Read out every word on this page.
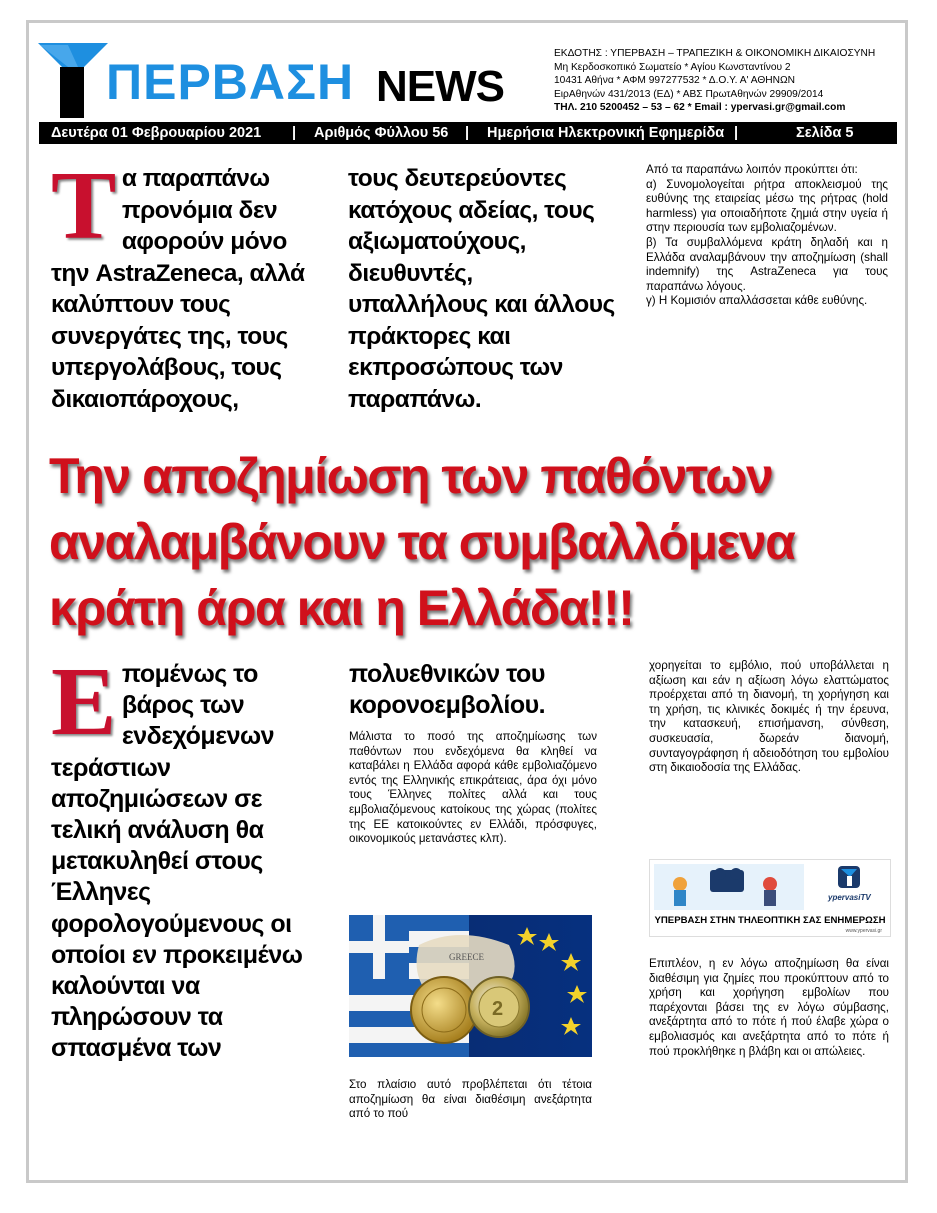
ΠΕΡΒΑΣΗ NEWS
ΕΚΔΟΤΗΣ : ΥΠΕΡΒΑΣΗ – ΤΡΑΠΕΖΙΚΗ & ΟΙΚΟΝΟΜΙΚΗ ΔΙΚΑΙΟΣΥΝΗ
Μη Κερδοσκοπικό Σωματείο * Αγίου Κωνσταντίνου 2
10431 Αθήνα * ΑΦΜ 997277532 * Δ.Ο.Υ. Α' ΑΘΗΝΩΝ
ΕιρΑθηνών 431/2013 (ΕΔ) * ΑΒΣ ΠρωτΑθηνών 29909/2014
ΤΗΛ. 210 5200452 – 53 – 62 * Email : ypervasi.gr@gmail.com
Δευτέρα 01 Φεβρουαρίου 2021 | Αριθμός Φύλλου 56 | Ημερήσια Ηλεκτρονική Εφημερίδα |	Σελίδα 5
Tα παραπάνω προνόμια δεν αφορούν μόνο την AstraZeneca, αλλά καλύπτουν τους συνεργάτες της, τους υπεργολάβους, τους δικαιοπάροχους,
τους δευτερεύοντες κατόχους αδείας, τους αξιωματούχους, διευθυντές, υπαλλήλους και άλλους πράκτορες και εκπροσώπους των παραπάνω.

Από τα παραπάνω λοιπόν προκύπτει ότι:

α) Συνομολογείται ρήτρα αποκλεισμού της ευθύνης της εταιρείας μέσω της ρήτρας (hold harmless) για οποιαδήποτε ζημιά στην υγεία ή στην περιουσία των εμβολιαζομένων.

β) Τα συμβαλλόμενα κράτη δηλαδή και η Ελλάδα αναλαμβάνουν την αποζημίωση (shall indemnify) της AstraZeneca για τους παραπάνω λόγους.

γ) Η Κομισιόν απαλλάσσεται κάθε ευθύνης.

Την αποζημίωση των παθόντων
αναλαμβάνουν τα συμβαλλόμενα
κράτη άρα και η Ελλάδα!!!
Eπομένως το βάρος των ενδεχόμενων τεράστιων αποζημιώσεων σε τελική ανάλυση θα μετακυληθεί στους Έλληνες φορολογούμενους οι οποίοι εν προκειμένω καλούνται να πληρώσουν τα σπασμένα των
πολυεθνικών του κορονοεμβολίου.
Μάλιστα το ποσό της αποζημίωσης των παθόντων που ενδεχόμενα θα κληθεί να καταβάλει η Ελλάδα αφορά κάθε εμβολιαζόμενο εντός της Ελληνικής επικράτειας, άρα όχι μόνο τους Έλληνες πολίτες αλλά και τους εμβολιαζόμενους κατοίκους της χώρας (πολίτες της ΕΕ κατοικούντες εν Ελλάδι, πρόσφυγες, οικονομικούς μετανάστες κλπ).
GREECE
2
Στο πλαίσιο αυτό προβλέπεται ότι τέτοια αποζημίωση θα είναι διαθέσιμη ανεξάρτητα από το πού
χορηγείται το εμβόλιο, πού υποβάλλεται η αξίωση και εάν η αξίωση λόγω ελαττώματος προέρχεται από τη διανομή, τη χορήγηση και τη χρήση, τις κλινικές δοκιμές ή την έρευνα, την κατασκευή, επισήμανση, σύνθεση, συσκευασία, δωρεάν διανομή, συνταγογράφηση ή αδειοδότηση του εμβολίου στη δικαιοδοσία της Ελλάδας.
ypervasiTV
ΥΠΕΡΒΑΣΗ ΣΤΗΝ ΤΗΛΕΟΠΤΙΚΗ ΣΑΣ ΕΝΗΜΕΡΩΣΗ
www.ypervasi.gr
Επιπλέον, η εν λόγω αποζημίωση θα είναι διαθέσιμη για ζημίες που προκύπτουν από το χρήση και χορήγηση εμβολίων που παρέχονται βάσει της εν λόγω σύμβασης, ανεξάρτητα από το πότε ή πού έλαβε χώρα ο εμβολιασμός και ανεξάρτητα από το πότε ή πού προκλήθηκε η βλάβη και οι απώλειες.
